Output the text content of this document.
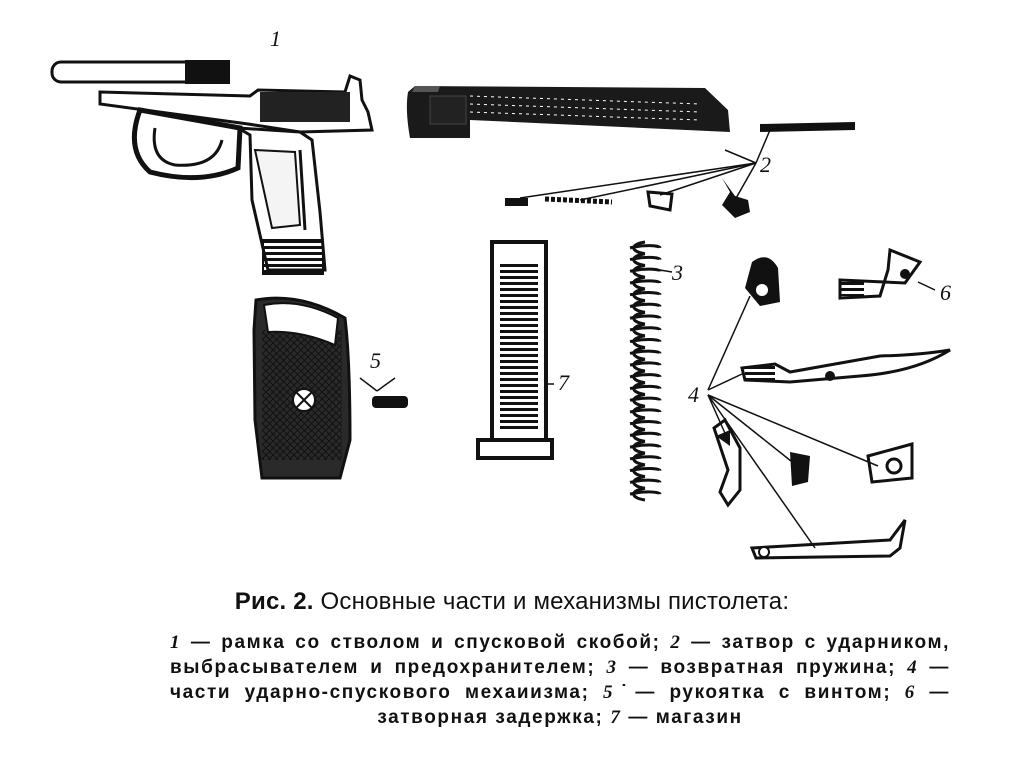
1
2
3
4
5
6
7
Рис. 2. Основные части и механизмы пистолета:
1 — рамка со стволом и спусковой скобой; 2 — затвор с ударником, выбрасывателем и предохранителем; 3 — возвратная пружина; 4 — части ударно-спускового мехаиизма; 5˙— рукоятка с винтом; 6 — затворная задержка; 7 — магазин
